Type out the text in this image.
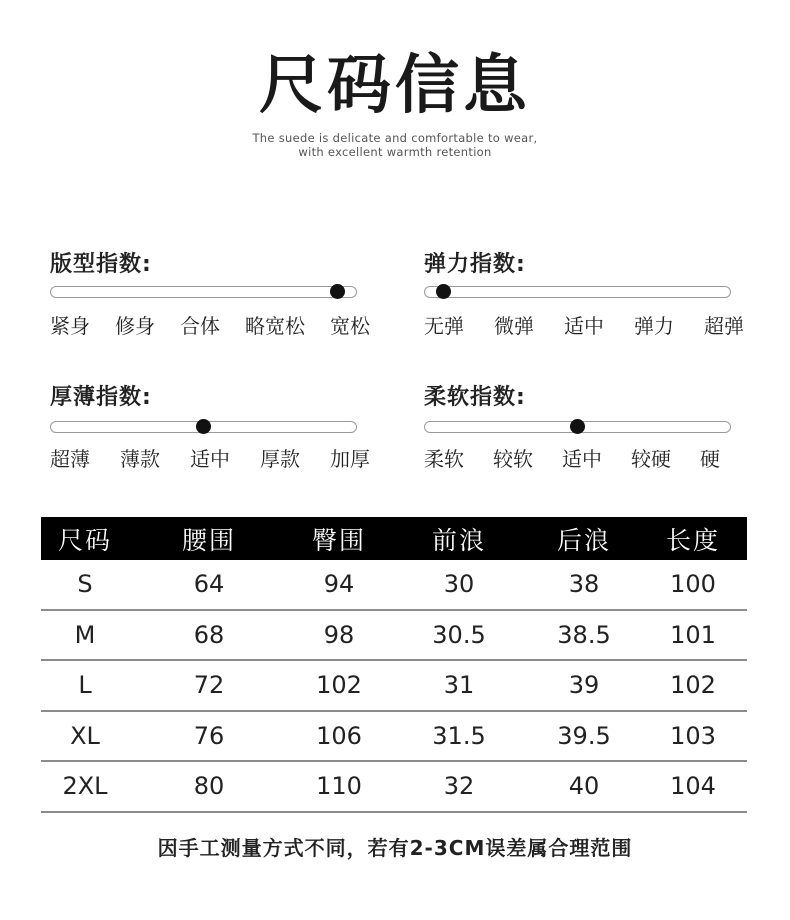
尺码信息
The suede is delicate and comfortable to wear,
with excellent warmth retention
版型指数:
紧身 修身 合体 略宽松 宽松
弹力指数:
无弹 微弹 适中 弹力 超弹
厚薄指数:
超薄 薄款 适中 厚款 加厚
柔软指数:
柔软 较软 适中 较硬 硬
尺码	腰围	臀围	前浪	后浪	长度
S	64	94	30	38	100
M	68	98	30.5	38.5	101
L	72	102	31	39	102
XL	76	106	31.5	39.5	103
2XL	80	110	32	40	104
因手工测量方式不同，若有2-3CM误差属合理范围
